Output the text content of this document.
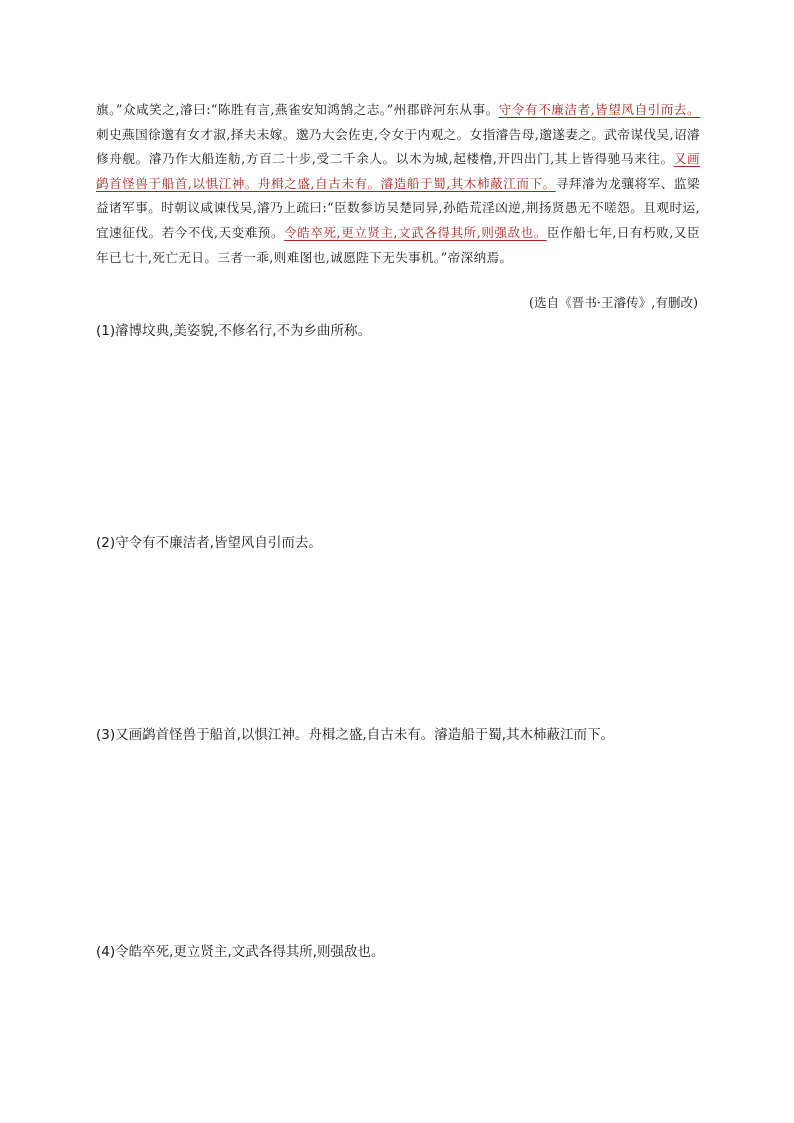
旗。”众咸笑之,濬曰:“陈胜有言,燕雀安知鸿鹄之志。”州郡辟河东从事。守令有不廉洁者,皆望风自引而去。刺史燕国徐邈有女才淑,择夫未嫁。邈乃大会佐吏,令女于内观之。女指濬告母,邈遂妻之。武帝谋伐吴,诏濬修舟舰。濬乃作大船连舫,方百二十步,受二千余人。以木为城,起楼橹,开四出门,其上皆得驰马来往。又画鹢首怪兽于船首,以惧江神。舟楫之盛,自古未有。濬造船于蜀,其木柿蔽江而下。寻拜濬为龙骧将军、监梁益诸军事。时朝议咸谏伐吴,濬乃上疏曰:“臣数参访吴楚同异,孙皓荒淫凶逆,荆扬贤愚无不嗟怨。且观时运,宜速征伐。若今不伐,天变难预。令皓卒死,更立贤主,文武各得其所,则强敌也。臣作船七年,日有朽败,又臣年已七十,死亡无日。三者一乖,则难图也,诚愿陛下无失事机。”帝深纳焉。

(选自《晋书·王濬传》,有删改)
(1)濬博坟典,美姿貌,不修名行,不为乡曲所称。
(2)守令有不廉洁者,皆望风自引而去。
(3)又画鹢首怪兽于船首,以惧江神。舟楫之盛,自古未有。濬造船于蜀,其木柿蔽江而下。
(4)令皓卒死,更立贤主,文武各得其所,则强敌也。
